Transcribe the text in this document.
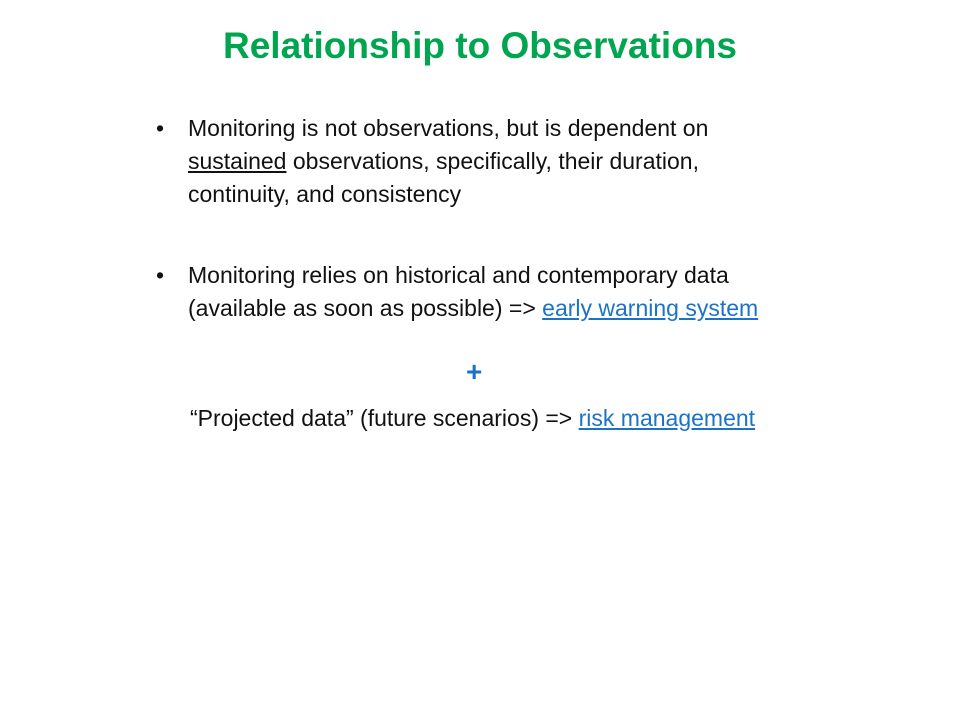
Relationship to Observations
• Monitoring is not observations, but is dependent on sustained observations, specifically, their duration, continuity, and consistency
• Monitoring relies on historical and contemporary data (available as soon as possible) => early warning system
+
“Projected data” (future scenarios) => risk management
